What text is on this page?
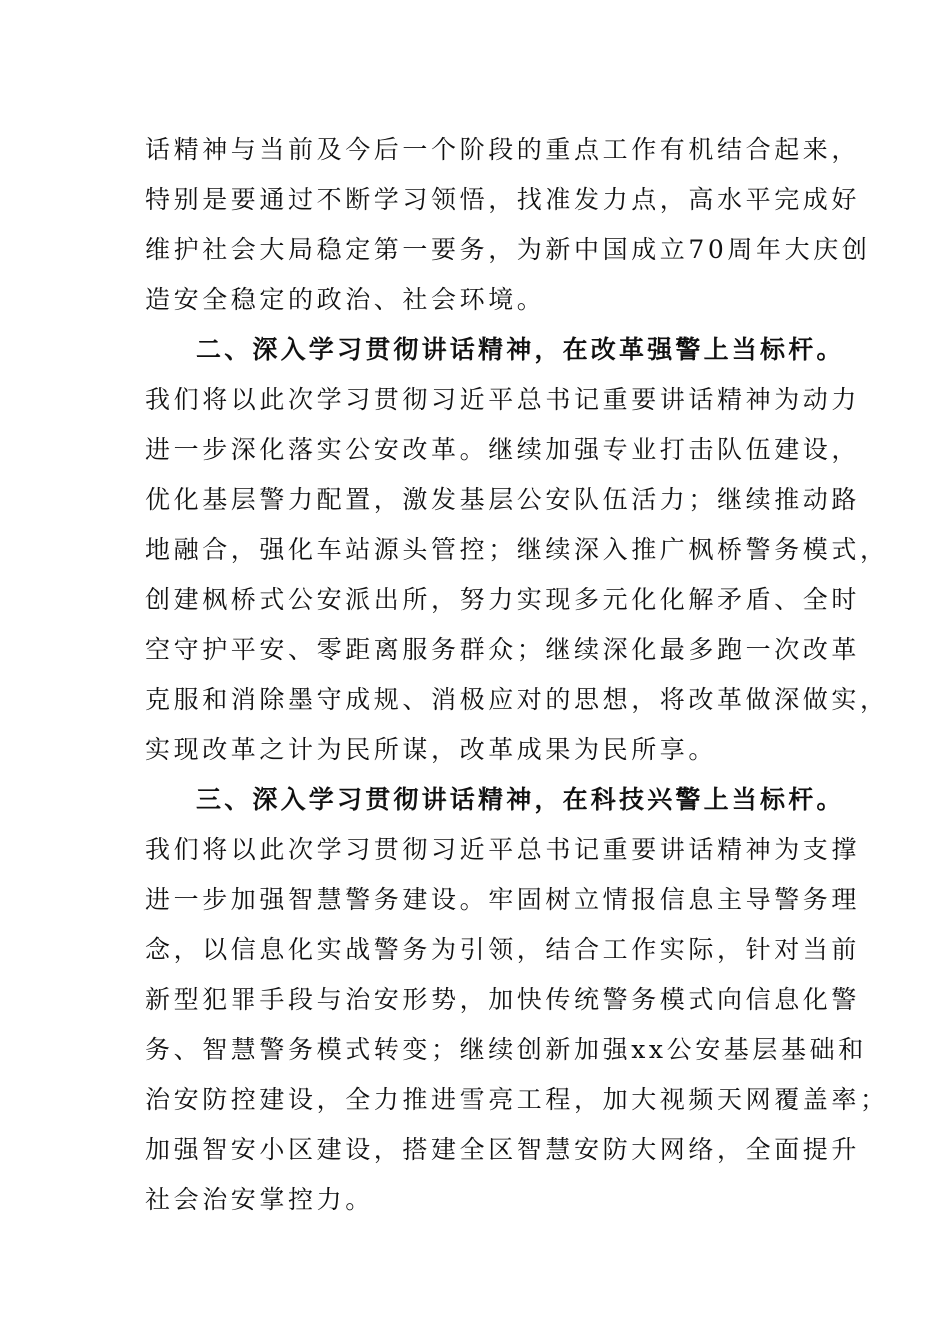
话精神与当前及今后一个阶段的重点工作有机结合起来，
特别是要通过不断学习领悟，找准发力点，高水平完成好
维护社会大局稳定第一要务，为新中国成立70周年大庆创
造安全稳定的政治、社会环境。
二、深入学习贯彻讲话精神，在改革强警上当标杆。
我们将以此次学习贯彻习近平总书记重要讲话精神为动力
进一步深化落实公安改革。继续加强专业打击队伍建设，
优化基层警力配置，激发基层公安队伍活力；继续推动路
地融合，强化车站源头管控；继续深入推广枫桥警务模式，
创建枫桥式公安派出所，努力实现多元化化解矛盾、全时
空守护平安、零距离服务群众；继续深化最多跑一次改革
克服和消除墨守成规、消极应对的思想，将改革做深做实，
实现改革之计为民所谋，改革成果为民所享。
三、深入学习贯彻讲话精神，在科技兴警上当标杆。
我们将以此次学习贯彻习近平总书记重要讲话精神为支撑
进一步加强智慧警务建设。牢固树立情报信息主导警务理
念，以信息化实战警务为引领，结合工作实际，针对当前
新型犯罪手段与治安形势，加快传统警务模式向信息化警
务、智慧警务模式转变；继续创新加强xx公安基层基础和
治安防控建设，全力推进雪亮工程，加大视频天网覆盖率；
加强智安小区建设，搭建全区智慧安防大网络，全面提升
社会治安掌控力。
